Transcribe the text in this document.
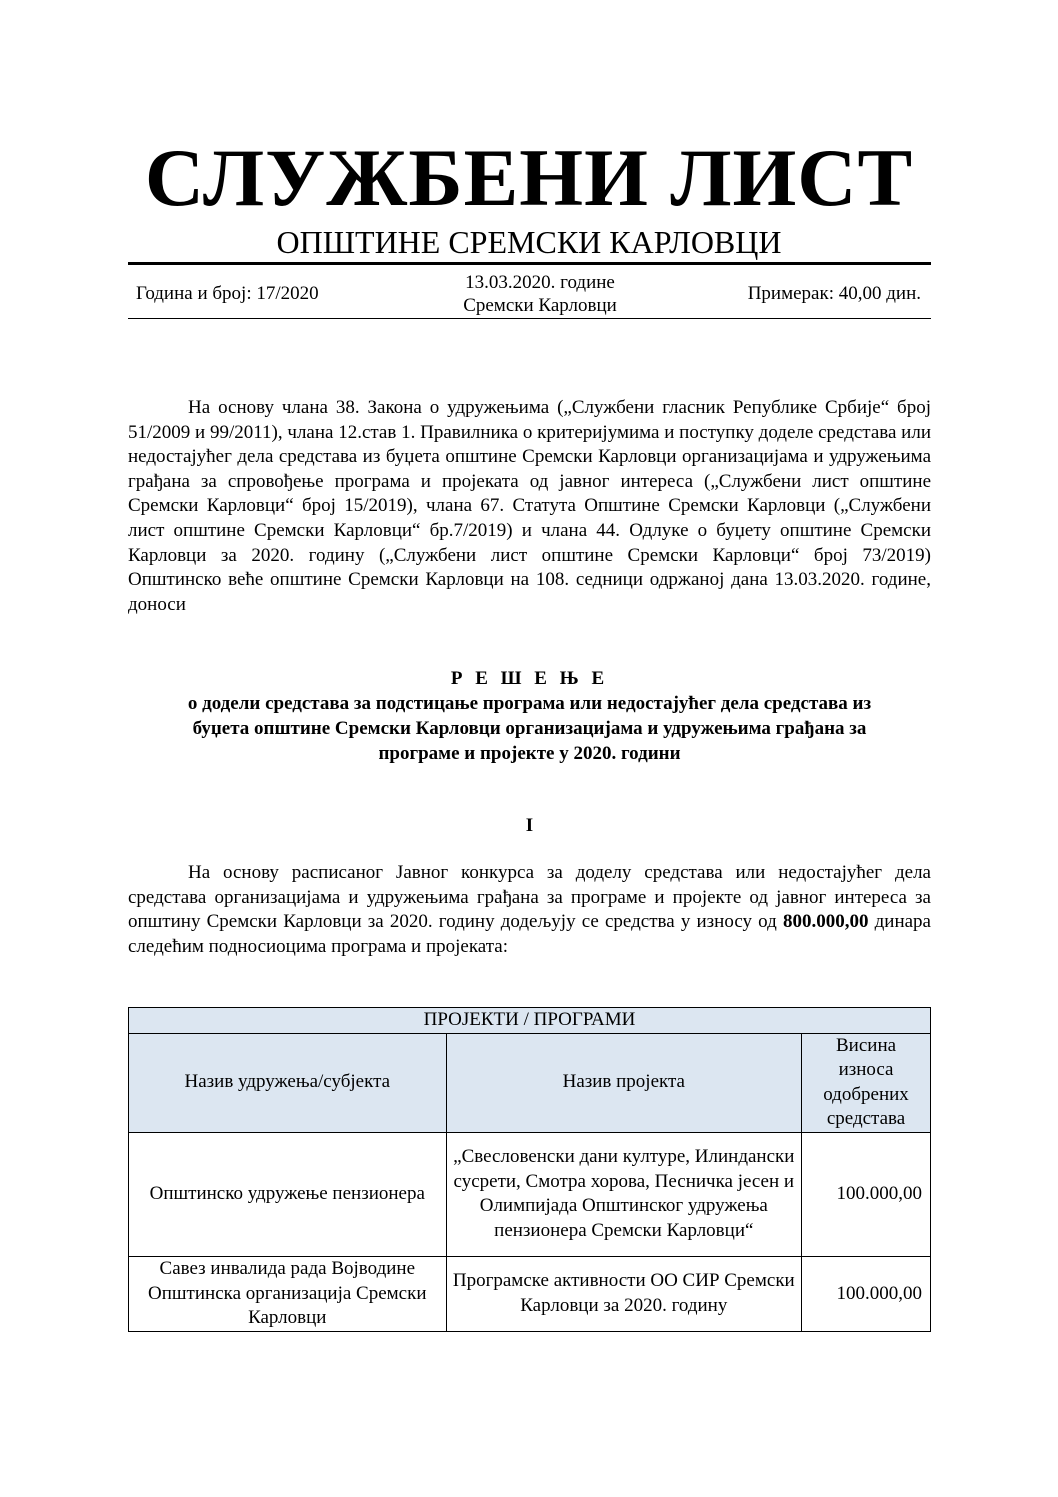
СЛУЖБЕНИ ЛИСТ
ОПШТИНЕ СРЕМСКИ КАРЛОВЦИ
Година и број: 17/2020
13.03.2020. године
Сремски Карловци
Примерак: 40,00 дин.
На основу члана 38. Закона о удружењима („Службени гласник Републике Србије“ број 51/2009 и 99/2011), члана 12.став 1. Правилника о критеријумима и поступку доделе средстава или недостајућег дела средстава из буџета општине Сремски Карловци организацијама и удружењима грађана за спровођење програма и пројеката од јавног интереса („Службени лист општине Сремски Карловци“ број 15/2019), члана 67. Статута Општине Сремски Карловци („Службени лист општине Сремски Карловци“ бр.7/2019) и члана 44. Одлуке о буџету општине Сремски Карловци за 2020. годину („Службени лист општине Сремски Карловци“ број 73/2019) Општинско веће општине Сремски Карловци на 108. седници одржаној дана 13.03.2020. године, доноси
Р Е Ш Е Њ Е
о додели средстава за подстицање програма или недостајућег дела средстава из
буџета општине Сремски Карловци организацијама и удружењима грађана за
програме и пројекте у 2020. години
I
На основу расписаног Јавног конкурса за доделу средстава или недостајућег дела средстава организацијама и удружењима грађана за програме и пројекте од јавног интереса за општину Сремски Карловци за 2020. годину додељују се средства у износу од 800.000,00 динара следећим подносиоцима програма и пројеката:
ПРОЈЕКТИ / ПРОГРАМИ		
Назив удружења/субјекта	Назив пројекта	Висина износа одобрених средстава
Општинско удружење пензионера	„Свесловенски дани културе, Илиндански сусрети, Смотра хорова, Песничка јесен и Олимпијада Општинског удружења пензионера Сремски Карловци“	100.000,00
Савез инвалида рада Војводине Општинска организација Сремски Карловци	Програмске активности ОО СИР Сремски Карловци за 2020. годину	100.000,00
